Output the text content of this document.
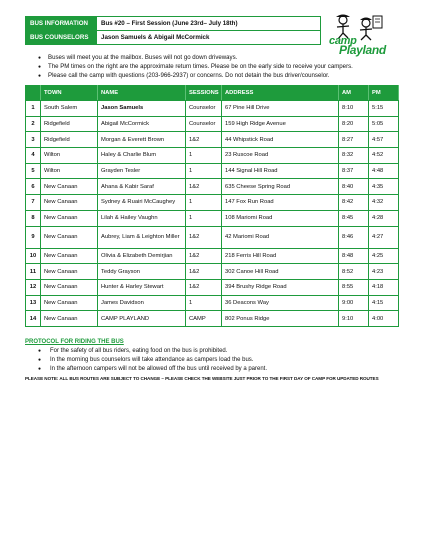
BUS INFORMATION	Bus #20 – First Session (June 23rd– July 18th)
BUS COUNSELORS	Jason Samuels & Abigail McCormick	camp
Playland
● Buses will meet you at the mailbox. Buses will not go down driveways.
● The PM times on the right are the approximate return times. Please be on the early side to receive your campers.
● Please call the camp with questions (203-966-2937) or concerns. Do not detain the bus driver/counselor.
	TOWN	NAME	SESSIONS	ADDRESS	AM	PM
1	South Salem	Jason Samuels	Counselor	67 Pine Hill Drive	8:10	5:15
2	Ridgefield	Abigail McCormick	Counselor	159 High Ridge Avenue	8:20	5:05
3	Ridgefield	Morgan & Everett Brown	1&2	44 Whipstick Road	8:27	4:57
4	Wilton	Haley & Charlie Blum	1	23 Ruscoe Road	8:32	4:52
5	Wilton	Grayden Tesler	1	144 Signal Hill Road	8:37	4:48
6	New Canaan	Ahana & Kabir Saraf	1&2	635 Cheese Spring Road	8:40	4:35
7	New Canaan	Sydney & Ruairi McCaughey	1	147 Fox Run Road	8:42	4:32
8	New Canaan	Lilah & Hailey Vaughn	1	108 Mariomi Road	8:45	4:28
9	New Canaan	Aubrey, Liam & Leighton Miller	1&2	42 Mariomi Road	8:46	4:27
10	New Canaan	Olivia & Elizabeth Demirjian	1&2	218 Ferris Hill Road	8:48	4:25
11	New Canaan	Teddy Grayson	1&2	302 Canoe Hill Road	8:52	4:23
12	New Canaan	Hunter & Harley Stewart	1&2	394 Brushy Ridge Road	8:55	4:18
13	New Canaan	James Davidson	1	36 Deacons Way	9:00	4:15
14	New Canaan	CAMP PLAYLAND	CAMP	802 Ponus Ridge	9:10	4:00
PROTOCOL FOR RIDING THE BUS
● For the safety of all bus riders, eating food on the bus is prohibited.
● In the morning bus counselors will take attendance as campers load the bus.
● In the afternoon campers will not be allowed off the bus until received by a parent.
PLEASE NOTE: ALL BUS ROUTES ARE SUBJECT TO CHANGE – PLEASE CHECK THE WEBSITE JUST PRIOR TO THE FIRST DAY OF CAMP FOR UPDATED ROUTES
